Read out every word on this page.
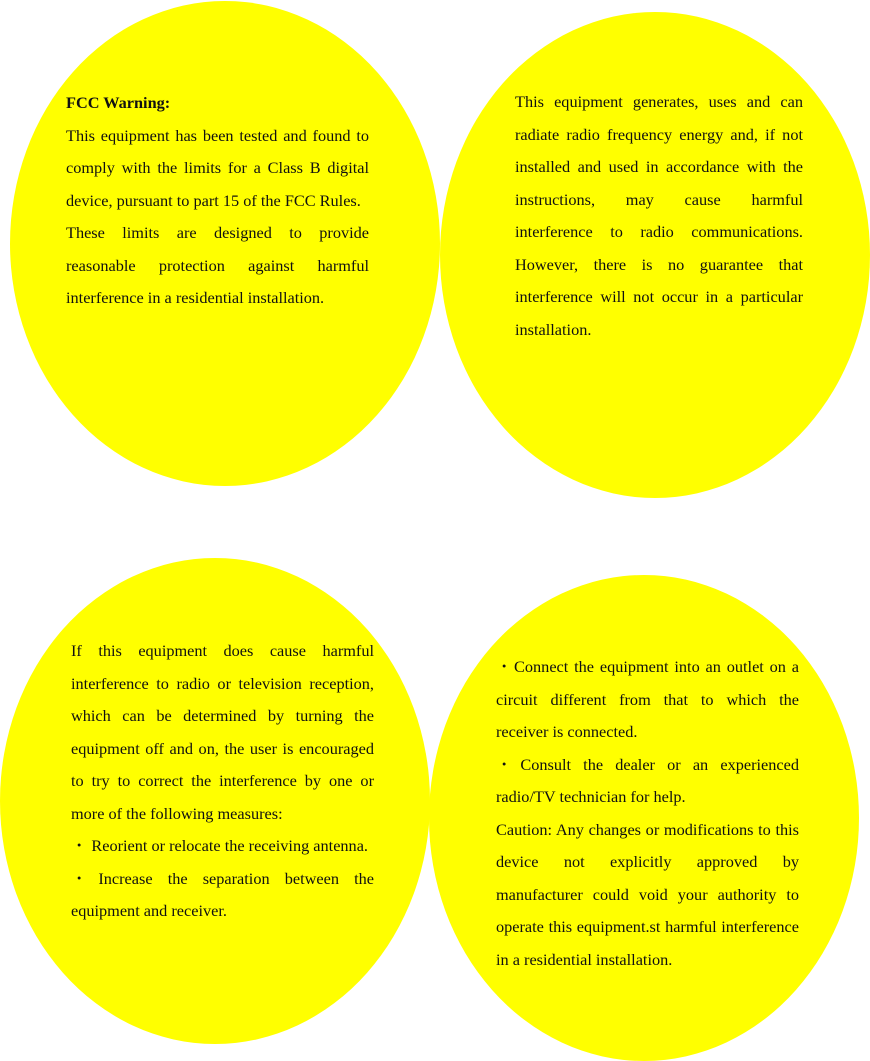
FCC Warning:

This equipment has been tested and found to comply with the limits for a Class B digital device, pursuant to part 15 of the FCC Rules.

These limits are designed to provide reasonable protection against harmful interference in a residential installation.

This equipment generates, uses and can radiate radio frequency energy and, if not installed and used in accordance with the instructions, may cause harmful interference to radio communications. However, there is no guarantee that interference will not occur in a particular installation.

If this equipment does cause harmful interference to radio or television reception, which can be determined by turning the equipment off and on, the user is encouraged to try to correct the interference by one or more of the following measures:

・ Reorient or relocate the receiving antenna.

・Increase the separation between the equipment and receiver.

・Connect the equipment into an outlet on a circuit different from that to which the receiver is connected.

・Consult the dealer or an experienced radio/TV technician for help.

Caution: Any changes or modifications to this device not explicitly approved by manufacturer could void your authority to operate this equipment.st harmful interference in a residential installation.
